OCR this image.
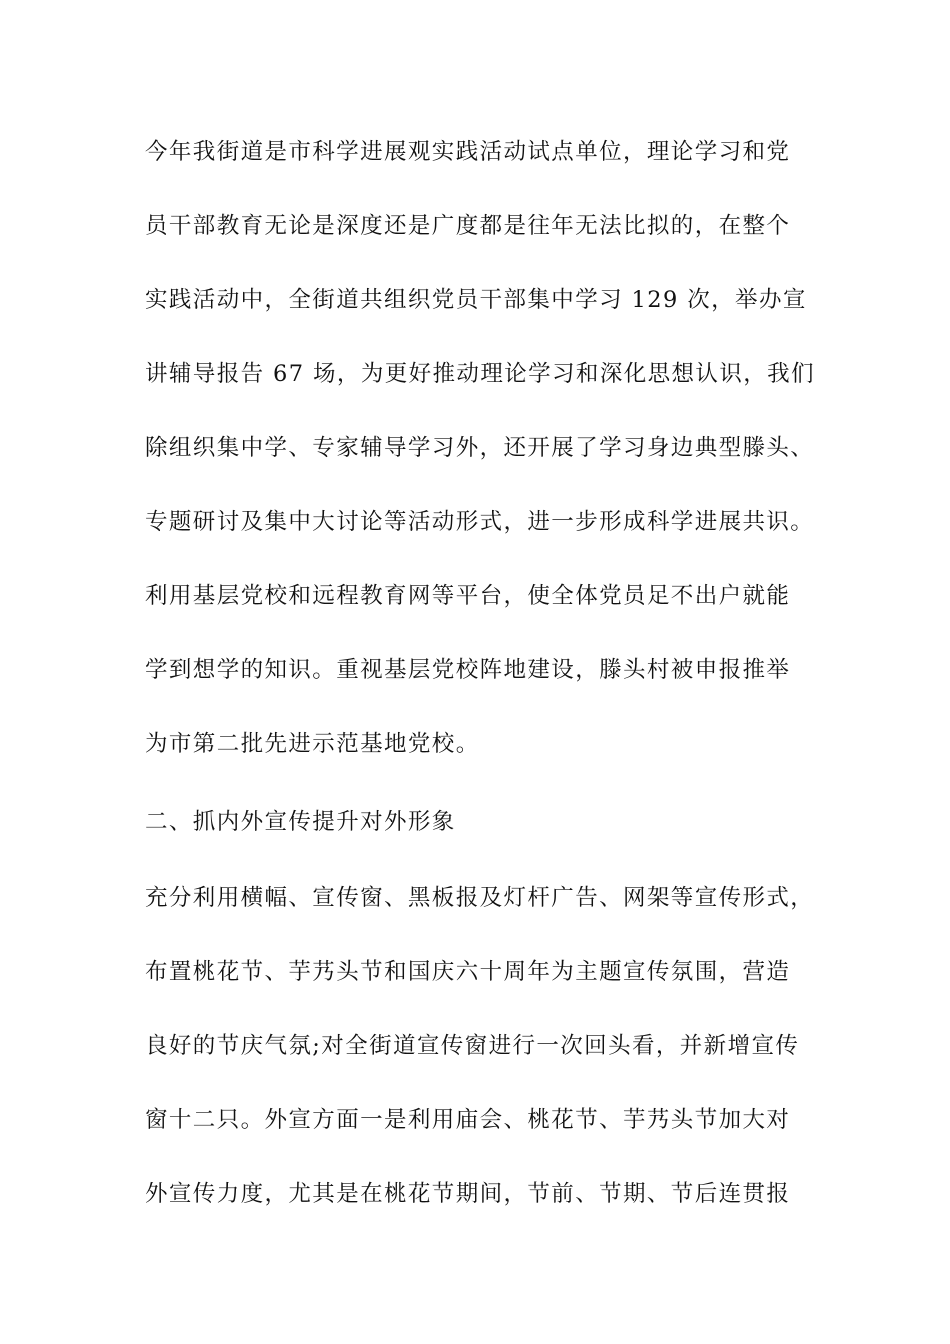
今年我街道是市科学进展观实践活动试点单位，理论学习和党
员干部教育无论是深度还是广度都是往年无法比拟的，在整个
实践活动中，全街道共组织党员干部集中学习 129 次，举办宣
讲辅导报告 67 场，为更好推动理论学习和深化思想认识，我们
除组织集中学、专家辅导学习外，还开展了学习身边典型滕头、
专题研讨及集中大讨论等活动形式，进一步形成科学进展共识。
利用基层党校和远程教育网等平台，使全体党员足不出户就能
学到想学的知识。重视基层党校阵地建设，滕头村被申报推举
为市第二批先进示范基地党校。
二、抓内外宣传提升对外形象
充分利用横幅、宣传窗、黑板报及灯杆广告、网架等宣传形式，
布置桃花节、芋艿头节和国庆六十周年为主题宣传氛围，营造
良好的节庆气氛;对全街道宣传窗进行一次回头看，并新增宣传
窗十二只。外宣方面一是利用庙会、桃花节、芋艿头节加大对
外宣传力度，尤其是在桃花节期间，节前、节期、节后连贯报
